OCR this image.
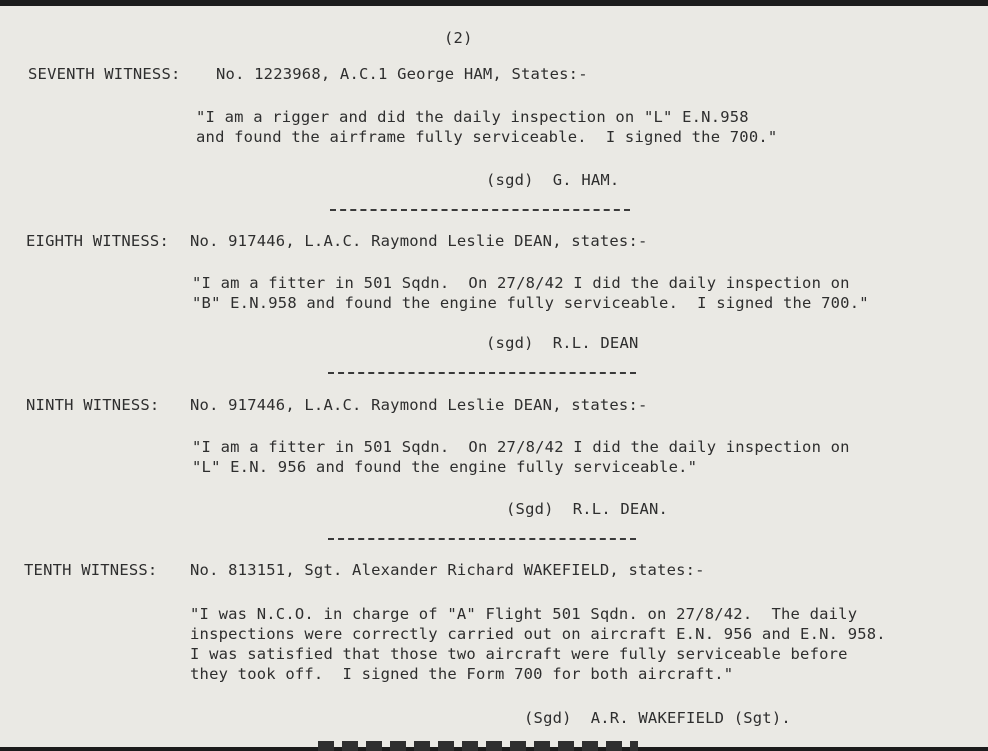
(2)
SEVENTH WITNESS: No. 1223968, A.C.1 George HAM, States:-
"I am a rigger and did the daily inspection on "L" E.N.958
and found the airframe fully serviceable.  I signed the 700."
(sgd)  G. HAM.
EIGHTH WITNESS: No. 917446, L.A.C. Raymond Leslie DEAN, states:-
"I am a fitter in 501 Sqdn.  On 27/8/42 I did the daily inspection on
"B" E.N.958 and found the engine fully serviceable.  I signed the 700."
(sgd)  R.L. DEAN
NINTH WITNESS: No. 917446, L.A.C. Raymond Leslie DEAN, states:-
"I am a fitter in 501 Sqdn.  On 27/8/42 I did the daily inspection on
"L" E.N. 956 and found the engine fully serviceable."
(Sgd)  R.L. DEAN.
TENTH WITNESS: No. 813151, Sgt. Alexander Richard WAKEFIELD, states:-
"I was N.C.O. in charge of "A" Flight 501 Sqdn. on 27/8/42.  The daily
inspections were correctly carried out on aircraft E.N. 956 and E.N. 958.
I was satisfied that those two aircraft were fully serviceable before
they took off.  I signed the Form 700 for both aircraft."
(Sgd)  A.R. WAKEFIELD (Sgt).
